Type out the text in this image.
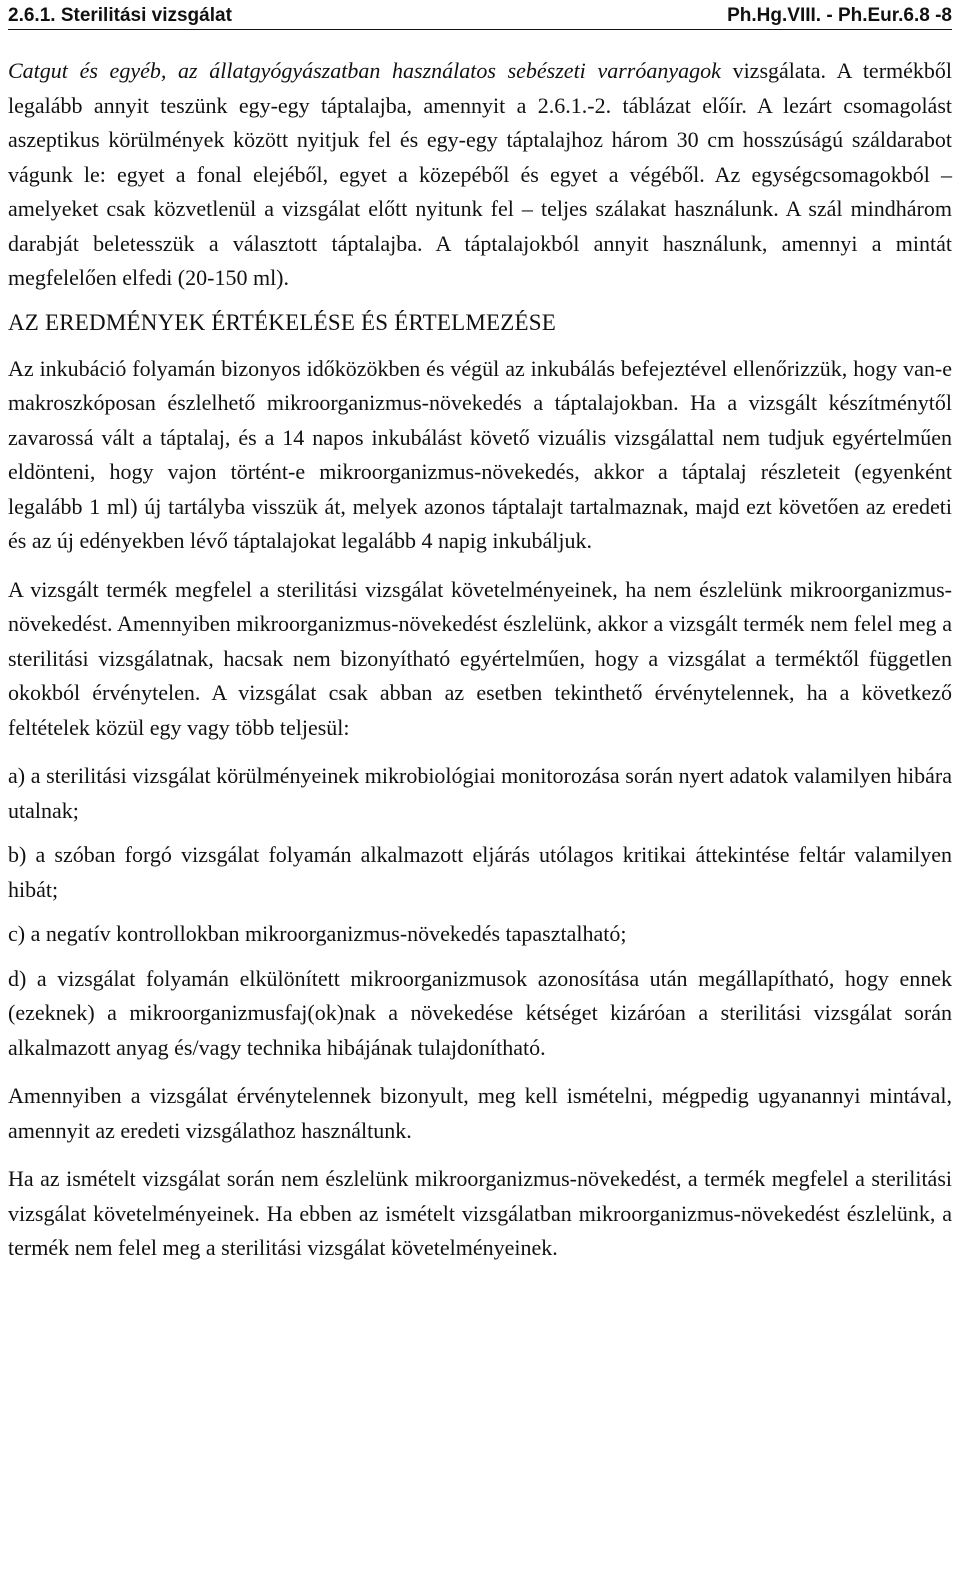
2.6.1. Sterilitási vizsgálat	Ph.Hg.VIII. - Ph.Eur.6.8 -8

Catgut és egyéb, az állatgyógyászatban használatos sebészeti varróanyagok vizsgálata. A termékből legalább annyit teszünk egy-egy táptalajba, amennyit a 2.6.1.-2. táblázat előír. A lezárt csomagolást aszeptikus körülmények között nyitjuk fel és egy-egy táptalajhoz három 30 cm hosszúságú száldarabot vágunk le: egyet a fonal elejéből, egyet a közepéből és egyet a végéből. Az egységcsomagokból – amelyeket csak közvetlenül a vizsgálat előtt nyitunk fel – teljes szálakat használunk. A szál mindhárom darabját beletesszük a választott táptalajba. A táptalajokból annyit használunk, amennyi a mintát megfelelően elfedi (20-150 ml).

AZ EREDMÉNYEK ÉRTÉKELÉSE ÉS ÉRTELMEZÉSE

Az inkubáció folyamán bizonyos időközökben és végül az inkubálás befejeztével ellenőrizzük, hogy van-e makroszkóposan észlelhető mikroorganizmus-növekedés a táptalajokban. Ha a vizsgált készítménytől zavarossá vált a táptalaj, és a 14 napos inkubálást követő vizuális vizsgálattal nem tudjuk egyértelműen eldönteni, hogy vajon történt-e mikroorganizmus-növekedés, akkor a táptalaj részleteit (egyenként legalább 1 ml) új tartályba visszük át, melyek azonos táptalajt tartalmaznak, majd ezt követően az eredeti és az új edényekben lévő táptalajokat legalább 4 napig inkubáljuk.

A vizsgált termék megfelel a sterilitási vizsgálat követelményeinek, ha nem észlelünk mikroorganizmus-növekedést. Amennyiben mikroorganizmus-növekedést észlelünk, akkor a vizsgált termék nem felel meg a sterilitási vizsgálatnak, hacsak nem bizonyítható egyértelműen, hogy a vizsgálat a terméktől független okokból érvénytelen. A vizsgálat csak abban az esetben tekinthető érvénytelennek, ha a következő feltételek közül egy vagy több teljesül:

a) a sterilitási vizsgálat körülményeinek mikrobiológiai monitorozása során nyert adatok valamilyen hibára utalnak;

b) a szóban forgó vizsgálat folyamán alkalmazott eljárás utólagos kritikai áttekintése feltár valamilyen hibát;

c) a negatív kontrollokban mikroorganizmus-növekedés tapasztalható;

d) a vizsgálat folyamán elkülönített mikroorganizmusok azonosítása után megállapítható, hogy ennek (ezeknek) a mikroorganizmusfaj(ok)nak a növekedése kétséget kizáróan a sterilitási vizsgálat során alkalmazott anyag és/vagy technika hibájának tulajdonítható.

Amennyiben a vizsgálat érvénytelennek bizonyult, meg kell ismételni, mégpedig ugyanannyi mintával, amennyit az eredeti vizsgálathoz használtunk.

Ha az ismételt vizsgálat során nem észlelünk mikroorganizmus-növekedést, a termék megfelel a sterilitási vizsgálat követelményeinek. Ha ebben az ismételt vizsgálatban mikroorganizmus-növekedést észlelünk, a termék nem felel meg a sterilitási vizsgálat követelményeinek.
